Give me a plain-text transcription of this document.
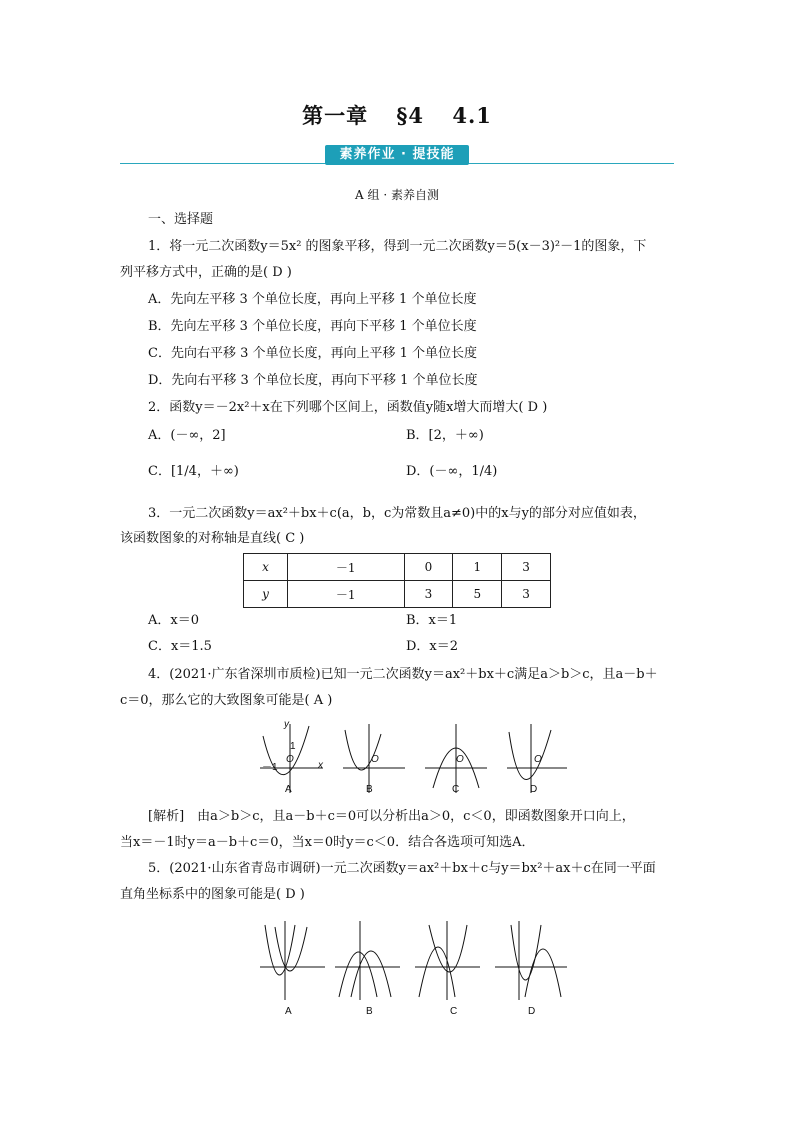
第一章 §4 4.1
素养作业 · 提技能
A 组 · 素养自测
一、选择题
1．将一元二次函数y＝5x² 的图象平移，得到一元二次函数y＝5(x－3)²－1的图象，下
列平移方式中，正确的是( D )
A．先向左平移 3 个单位长度，再向上平移 1 个单位长度
B．先向左平移 3 个单位长度，再向下平移 1 个单位长度
C．先向右平移 3 个单位长度，再向上平移 1 个单位长度
D．先向右平移 3 个单位长度，再向下平移 1 个单位长度
2．函数y＝－2x²＋x在下列哪个区间上，函数值y随x增大而增大( D )
A．(－∞，2]	B．[2，＋∞)
C．[1/4，＋∞)	D．(－∞，1/4)
3．一元二次函数y＝ax²＋bx＋c(a，b，c为常数且a≠0)中的x与y的部分对应值如表，
该函数图象的对称轴是直线( C )
x	－1	0	1	3
y	－1	3	5	3
A．x＝0	B．x＝1
C．x＝1.5	D．x＝2
4．(2021·广东省深圳市质检)已知一元二次函数y＝ax²＋bx＋c满足a＞b＞c，且a－b＋
c＝0，那么它的大致图象可能是( A )
y
O
－1
1
x
O	O	O
A	B	C	D
[解析]　由a＞b＞c，且a－b＋c＝0可以分析出a＞0，c＜0，即函数图象开口向上，
当x＝－1时y＝a－b＋c＝0，当x＝0时y＝c＜0．结合各选项可知选A．
5．(2021·山东省青岛市调研)一元二次函数y＝ax²＋bx＋c与y＝bx²＋ax＋c在同一平面
直角坐标系中的图象可能是( D )
A	B	C	D
